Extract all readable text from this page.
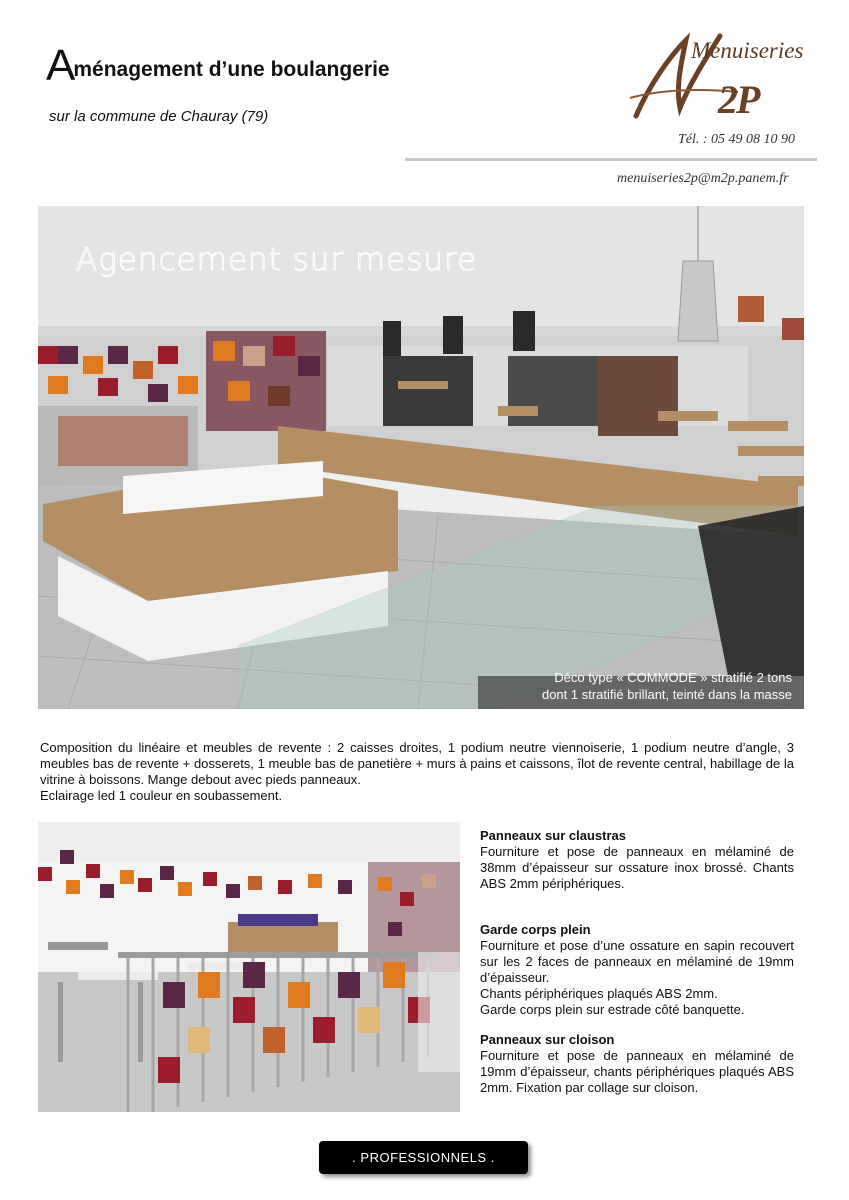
Aménagement d’une boulangerie
sur la commune de Chauray (79)
Menuiseries
2P
Tél. : 05 49 08 10 90
menuiseries2p@m2p.panem.fr
Agencement sur mesure
Déco type « COMMODE » stratifié 2 tons
dont 1 stratifié brillant, teinté dans la masse

Composition du linéaire et meubles de revente : 2 caisses droites, 1 podium neutre viennoiserie, 1 podium neutre d’angle, 3 meubles bas de revente + dosserets, 1 meuble bas de panetière + murs à pains et caissons, îlot de revente central, habillage de la vitrine à boissons. Mange debout avec pieds panneaux.

Eclairage led 1 couleur en soubassement.

Panneaux sur claustras

Fourniture et pose de panneaux en mélaminé de 38mm d’épaisseur sur ossature inox brossé. Chants ABS 2mm périphériques.

Garde corps plein

Fourniture et pose d’une ossature en sapin recouvert sur les 2 faces de panneaux en mélaminé de 19mm d’épaisseur.

Chants périphériques plaqués ABS 2mm.

Garde corps plein sur estrade côté banquette.

Panneaux sur cloison

Fourniture et pose de panneaux en mélaminé de 19mm d’épaisseur, chants périphériques plaqués ABS 2mm. Fixation par collage sur cloison.

. PROFESSIONNELS .
